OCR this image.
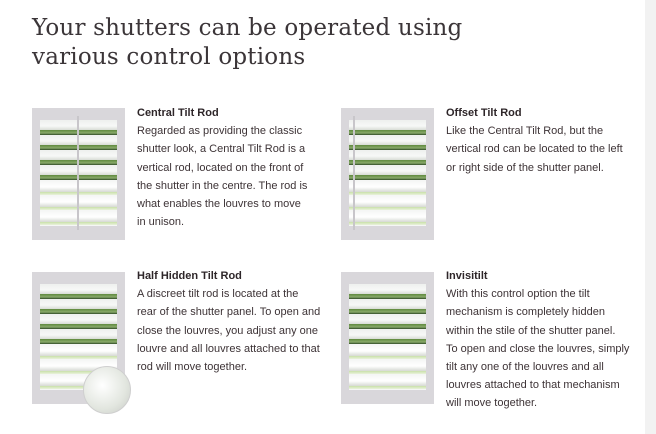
Your shutters can be operated using
various control options
Central Tilt Rod
Regarded as providing the classic
shutter look, a Central Tilt Rod is a
vertical rod, located on the front of
the shutter in the centre. The rod is
what enables the louvres to move
in unison.
Offset Tilt Rod
Like the Central Tilt Rod, but the
vertical rod can be located to the left
or right side of the shutter panel.
Half Hidden Tilt Rod
A discreet tilt rod is located at the
rear of the shutter panel. To open and
close the louvres, you adjust any one
louvre and all louvres attached to that
rod will move together.
Invisitilt
With this control option the tilt
mechanism is completely hidden
within the stile of the shutter panel.
To open and close the louvres, simply
tilt any one of the louvres and all
louvres attached to that mechanism
will move together.
